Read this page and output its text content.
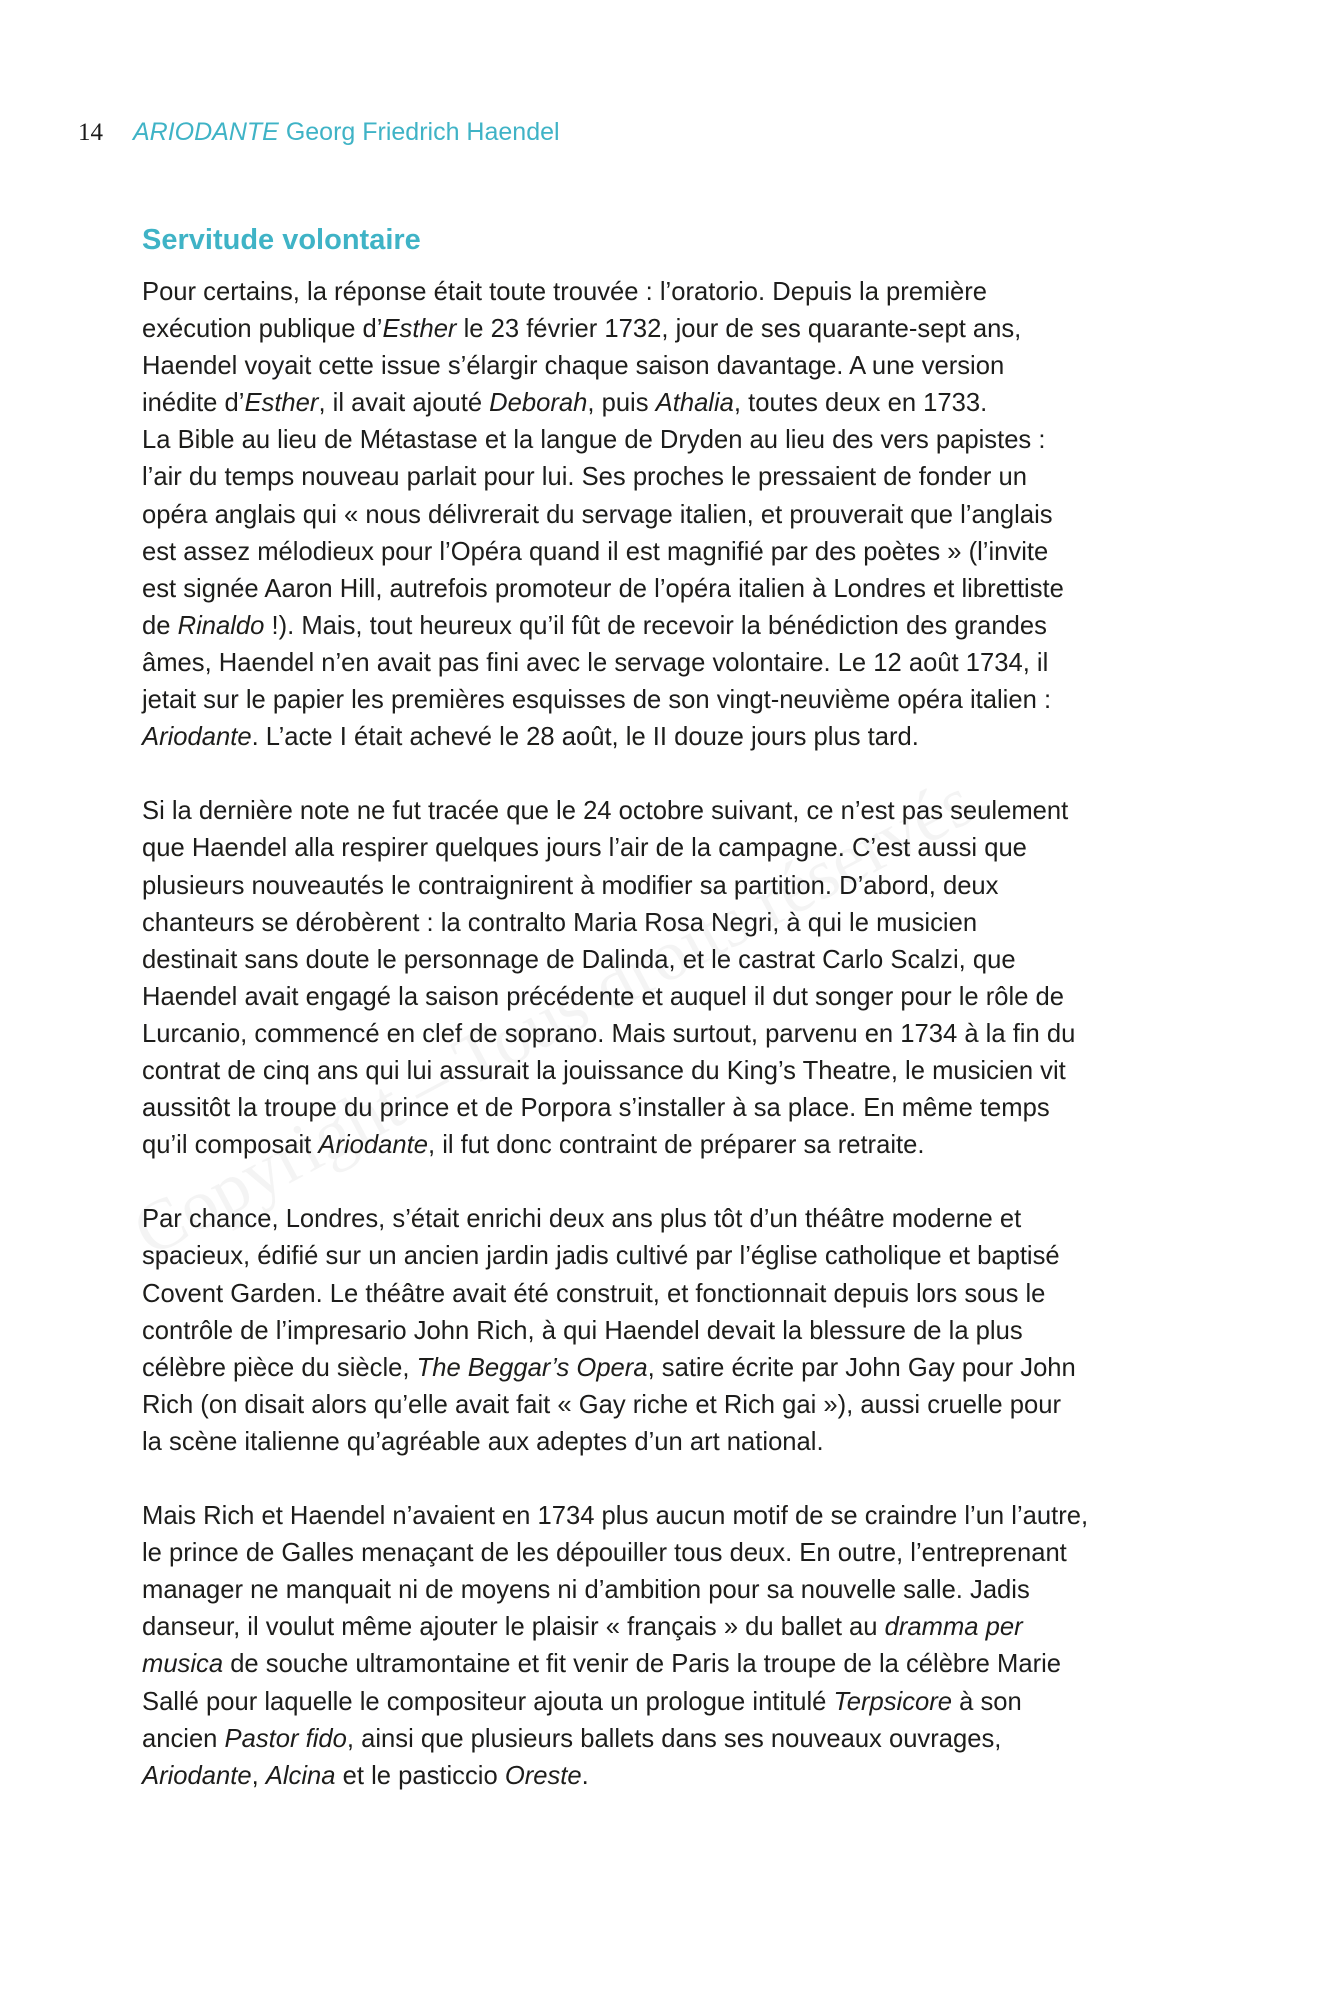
14 ARIODANTE Georg Friedrich Haendel
Servitude volontaire
Pour certains, la réponse était toute trouvée : l’oratorio. Depuis la première
exécution publique d’Esther le 23 février 1732, jour de ses quarante-sept ans,
Haendel voyait cette issue s’élargir chaque saison davantage. A une version
inédite d’Esther, il avait ajouté Deborah, puis Athalia, toutes deux en 1733.
La Bible au lieu de Métastase et la langue de Dryden au lieu des vers papistes :
l’air du temps nouveau parlait pour lui. Ses proches le pressaient de fonder un
opéra anglais qui « nous délivrerait du servage italien, et prouverait que l’anglais
est assez mélodieux pour l’Opéra quand il est magnifié par des poètes » (l’invite
est signée Aaron Hill, autrefois promoteur de l’opéra italien à Londres et librettiste
de Rinaldo !). Mais, tout heureux qu’il fût de recevoir la bénédiction des grandes
âmes, Haendel n’en avait pas fini avec le servage volontaire. Le 12 août 1734, il
jetait sur le papier les premières esquisses de son vingt-neuvième opéra italien :
Ariodante. L’acte I était achevé le 28 août, le II douze jours plus tard.
Si la dernière note ne fut tracée que le 24 octobre suivant, ce n’est pas seulement
que Haendel alla respirer quelques jours l’air de la campagne. C’est aussi que
plusieurs nouveautés le contraignirent à modifier sa partition. D’abord, deux
chanteurs se dérobèrent : la contralto Maria Rosa Negri, à qui le musicien
destinait sans doute le personnage de Dalinda, et le castrat Carlo Scalzi, que
Haendel avait engagé la saison précédente et auquel il dut songer pour le rôle de
Lurcanio, commencé en clef de soprano. Mais surtout, parvenu en 1734 à la fin du
contrat de cinq ans qui lui assurait la jouissance du King’s Theatre, le musicien vit
aussitôt la troupe du prince et de Porpora s’installer à sa place. En même temps
qu’il composait Ariodante, il fut donc contraint de préparer sa retraite.
Par chance, Londres, s’était enrichi deux ans plus tôt d’un théâtre moderne et
spacieux, édifié sur un ancien jardin jadis cultivé par l’église catholique et baptisé
Covent Garden. Le théâtre avait été construit, et fonctionnait depuis lors sous le
contrôle de l’impresario John Rich, à qui Haendel devait la blessure de la plus
célèbre pièce du siècle, The Beggar’s Opera, satire écrite par John Gay pour John
Rich (on disait alors qu’elle avait fait « Gay riche et Rich gai »), aussi cruelle pour
la scène italienne qu’agréable aux adeptes d’un art national.
Mais Rich et Haendel n’avaient en 1734 plus aucun motif de se craindre l’un l’autre,
le prince de Galles menaçant de les dépouiller tous deux. En outre, l’entreprenant
manager ne manquait ni de moyens ni d’ambition pour sa nouvelle salle. Jadis
danseur, il voulut même ajouter le plaisir « français » du ballet au dramma per
musica de souche ultramontaine et fit venir de Paris la troupe de la célèbre Marie
Sallé pour laquelle le compositeur ajouta un prologue intitulé Terpsicore à son
ancien Pastor fido, ainsi que plusieurs ballets dans ses nouveaux ouvrages,
Ariodante, Alcina et le pasticcio Oreste.
